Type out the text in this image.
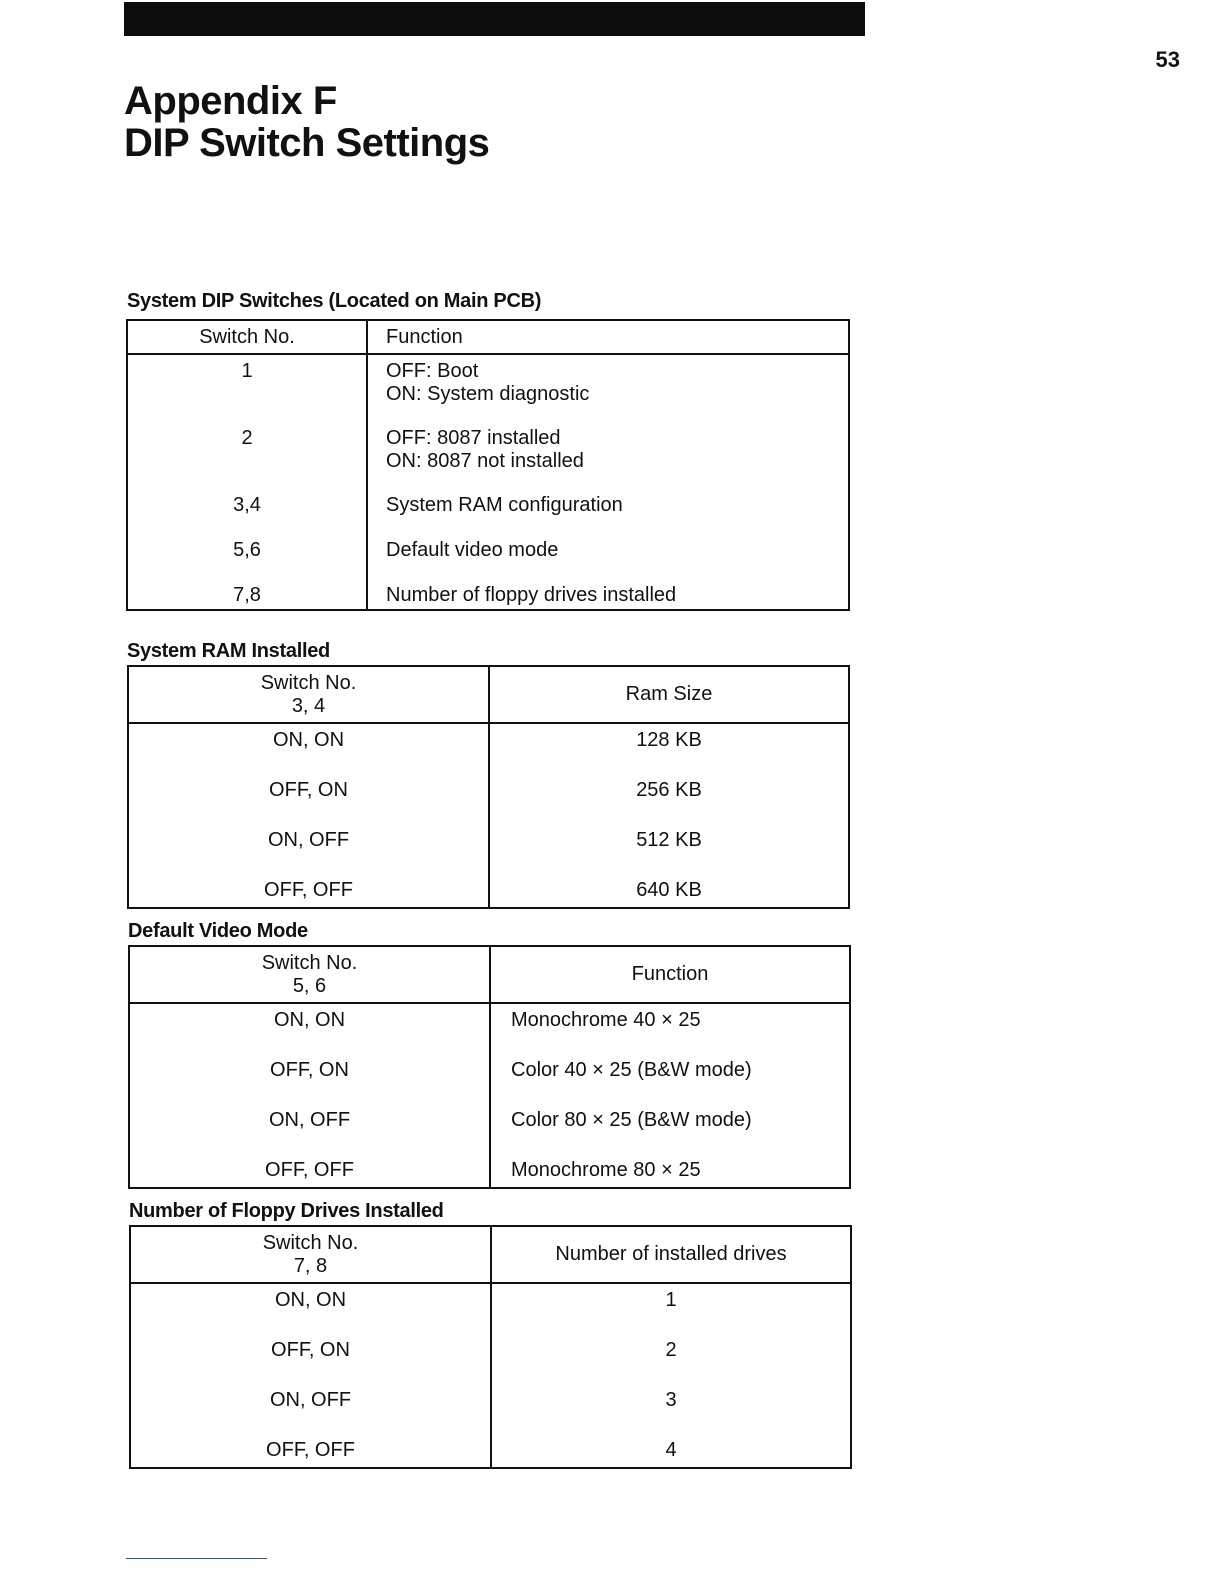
53
Appendix F
DIP Switch Settings
System DIP Switches (Located on Main PCB)
Switch No.	Function
1	OFF: Boot
ON: System diagnostic

2	OFF: 8087 installed
ON: 8087 not installed

3,4	System RAM configuration
5,6	Default video mode
7,8	Number of floppy drives installed
System RAM Installed
Switch No.
3, 4	Ram Size
ON, ON	128 KB
OFF, ON	256 KB
ON, OFF	512 KB
OFF, OFF	640 KB
Default Video Mode
Switch No.
5, 6	Function
ON, ON	Monochrome 40 × 25
OFF, ON	Color 40 × 25 (B&W mode)
ON, OFF	Color 80 × 25 (B&W mode)
OFF, OFF	Monochrome 80 × 25
Number of Floppy Drives Installed
Switch No.
7, 8	Number of installed drives
ON, ON	1
OFF, ON	2
ON, OFF	3
OFF, OFF	4
